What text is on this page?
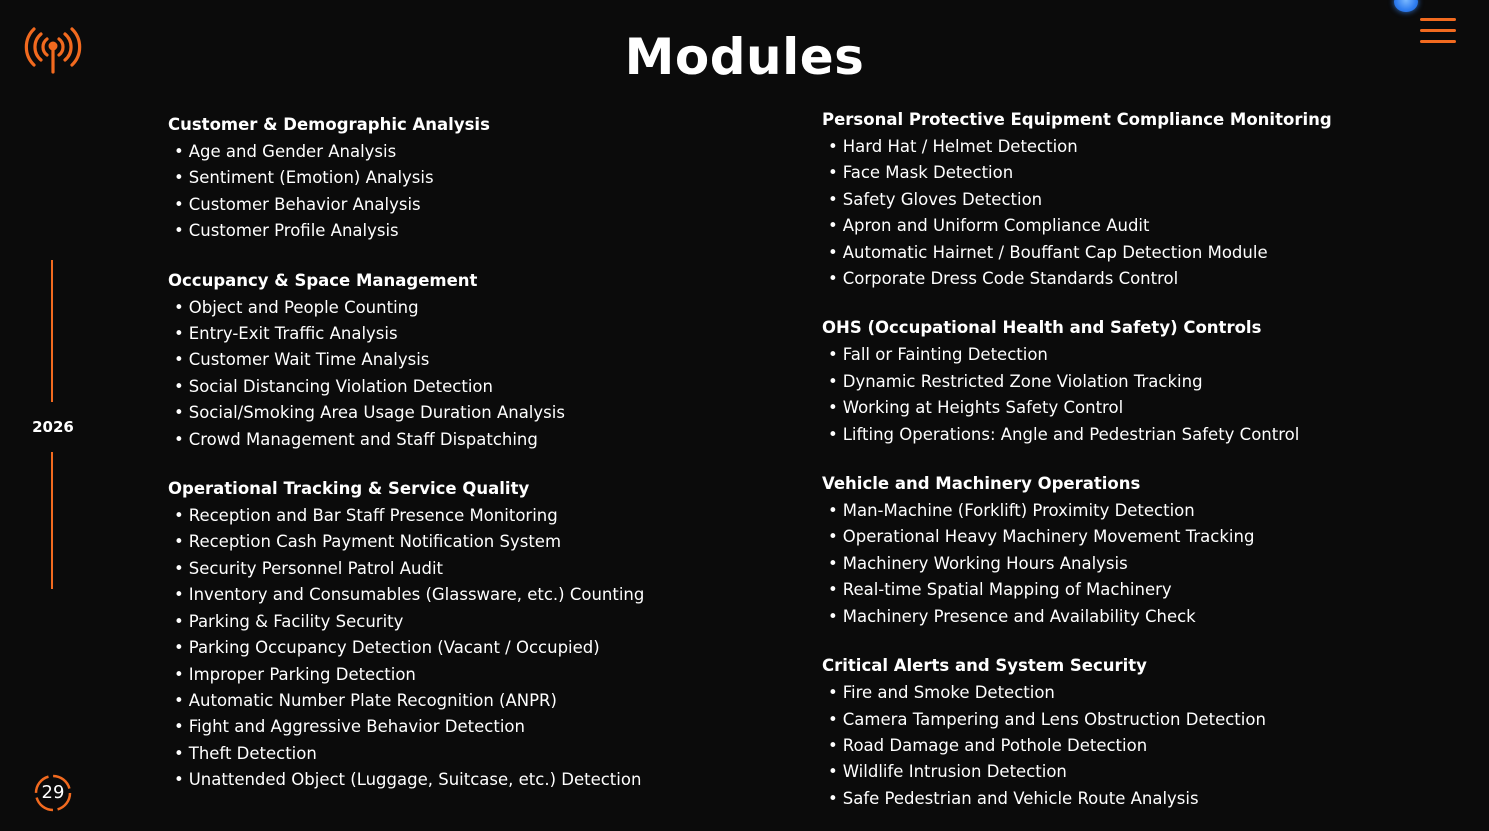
Modules
2026
29
Customer & Demographic Analysis
• Age and Gender Analysis
• Sentiment (Emotion) Analysis
• Customer Behavior Analysis
• Customer Profile Analysis
Occupancy & Space Management
• Object and People Counting
• Entry-Exit Traffic Analysis
• Customer Wait Time Analysis
• Social Distancing Violation Detection
• Social/Smoking Area Usage Duration Analysis
• Crowd Management and Staff Dispatching
Operational Tracking & Service Quality
• Reception and Bar Staff Presence Monitoring
• Reception Cash Payment Notification System
• Security Personnel Patrol Audit
• Inventory and Consumables (Glassware, etc.) Counting
• Parking & Facility Security
• Parking Occupancy Detection (Vacant / Occupied)
• Improper Parking Detection
• Automatic Number Plate Recognition (ANPR)
• Fight and Aggressive Behavior Detection
• Theft Detection
• Unattended Object (Luggage, Suitcase, etc.) Detection
Personal Protective Equipment Compliance Monitoring
• Hard Hat / Helmet Detection
• Face Mask Detection
• Safety Gloves Detection
• Apron and Uniform Compliance Audit
• Automatic Hairnet / Bouffant Cap Detection Module
• Corporate Dress Code Standards Control
OHS (Occupational Health and Safety) Controls
• Fall or Fainting Detection
• Dynamic Restricted Zone Violation Tracking
• Working at Heights Safety Control
• Lifting Operations: Angle and Pedestrian Safety Control
Vehicle and Machinery Operations
• Man-Machine (Forklift) Proximity Detection
• Operational Heavy Machinery Movement Tracking
• Machinery Working Hours Analysis
• Real-time Spatial Mapping of Machinery
• Machinery Presence and Availability Check
Critical Alerts and System Security
• Fire and Smoke Detection
• Camera Tampering and Lens Obstruction Detection
• Road Damage and Pothole Detection
• Wildlife Intrusion Detection
• Safe Pedestrian and Vehicle Route Analysis
